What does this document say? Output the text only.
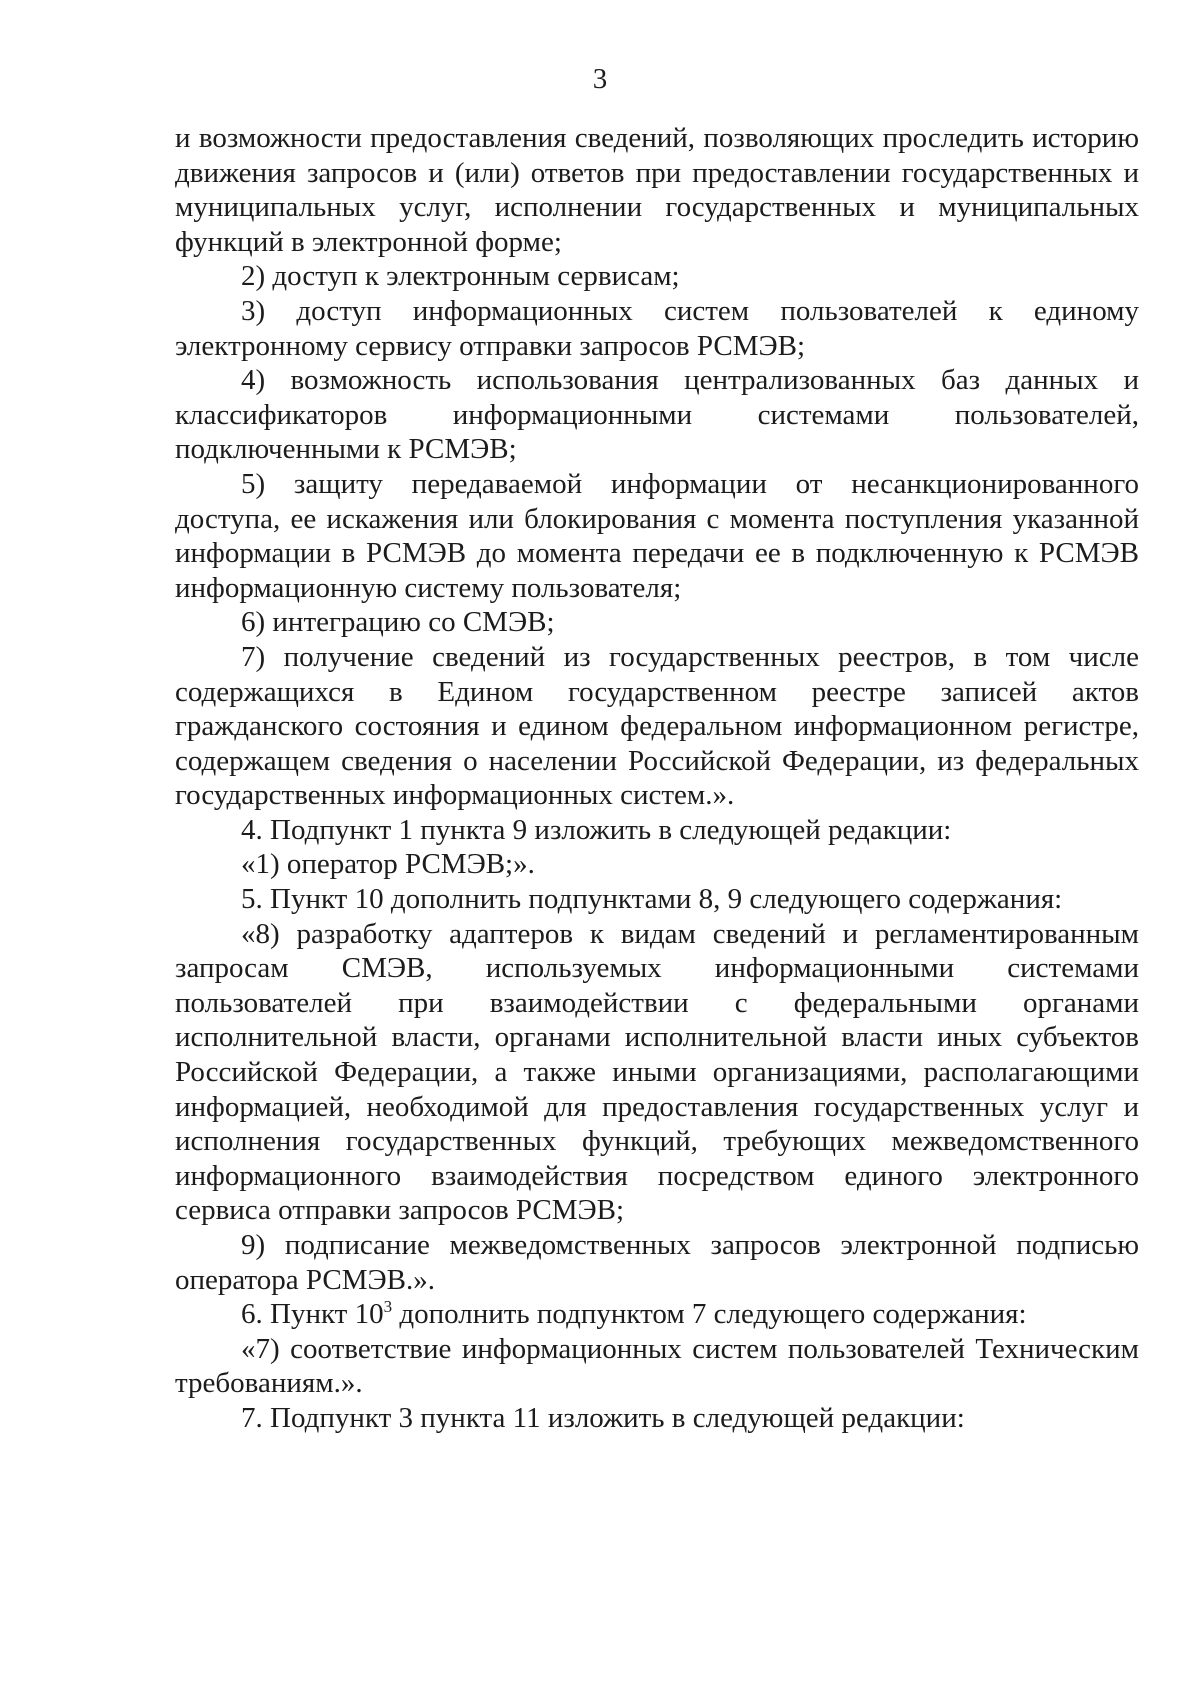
3

и возможности предоставления сведений, позволяющих проследить историю движения запросов и (или) ответов при предоставлении государственных и муниципальных услуг, исполнении государственных и муниципальных функций в электронной форме;

2) доступ к электронным сервисам;

3) доступ информационных систем пользователей к единому электронному сервису отправки запросов РСМЭВ;

4) возможность использования централизованных баз данных и классификаторов информационными системами пользователей, подключенными к РСМЭВ;

5) защиту передаваемой информации от несанкционированного доступа, ее искажения или блокирования с момента поступления указанной информации в РСМЭВ до момента передачи ее в подключенную к РСМЭВ информационную систему пользователя;

6) интеграцию со СМЭВ;

7) получение сведений из государственных реестров, в том числе содержащихся в Едином государственном реестре записей актов гражданского состояния и едином федеральном информационном регистре, содержащем сведения о населении Российской Федерации, из федеральных государственных информационных систем.».

4. Подпункт 1 пункта 9 изложить в следующей редакции:

«1) оператор РСМЭВ;».

5. Пункт 10 дополнить подпунктами 8, 9 следующего содержания:

«8) разработку адаптеров к видам сведений и регламентированным запросам СМЭВ, используемых информационными системами пользователей при взаимодействии с федеральными органами исполнительной власти, органами исполнительной власти иных субъектов Российской Федерации, а также иными организациями, располагающими информацией, необходимой для предоставления государственных услуг и исполнения государственных функций, требующих межведомственного информационного взаимодействия посредством единого электронного сервиса отправки запросов РСМЭВ;

9) подписание межведомственных запросов электронной подписью оператора РСМЭВ.».

6. Пункт $10^3$ дополнить подпунктом 7 следующего содержания:

«7) соответствие информационных систем пользователей Техническим требованиям.».

7. Подпункт 3 пункта 11 изложить в следующей редакции:
